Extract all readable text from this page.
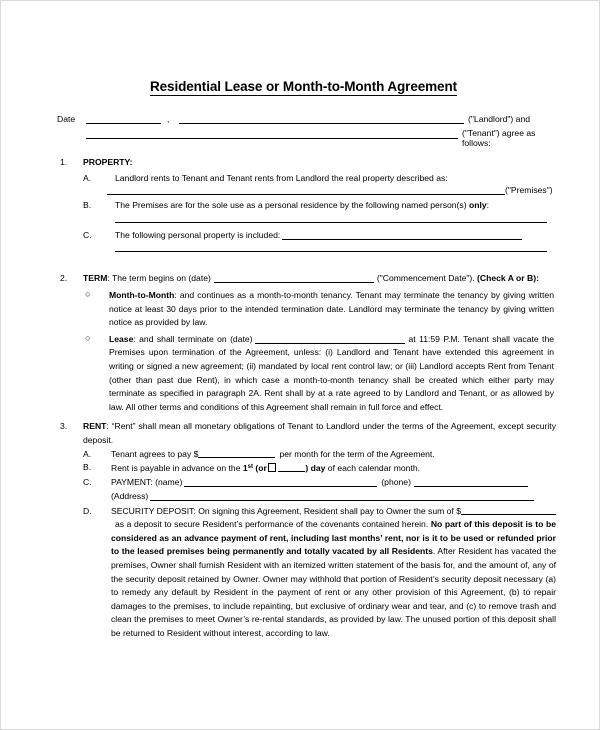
Residential Lease or Month-to-Month Agreement
Date	,	("Landlord") and
("Tenant") agree as follows:
1. PROPERTY:
A.	Landlord rents to Tenant and Tenant rents from Landlord the real property described as:
("Premises")
B.	The Premises are for the sole use as a personal residence by the following named person(s) only:
C.	The following personal property is included:
2. TERM: The term begins on (date)	("Commencement Date"). (Check A or B):
○ Month-to-Month: and continues as a month-to-month tenancy. Tenant may terminate the tenancy by giving written notice at least 30 days prior to the intended termination date. Landlord may terminate the tenancy by giving written notice as provided by law.
○ Lease: and shall terminate on (date)	at 11:59 P.M. Tenant shall vacate the Premises upon termination of the Agreement, unless: (i) Landlord and Tenant have extended this agreement in writing or signed a new agreement; (ii) mandated by local rent control law; or (iii) Landlord accepts Rent from Tenant (other than past due Rent), in which case a month-to-month tenancy shall be created which either party may terminate as specified in paragraph 2A. Rent shall by at a rate agreed to by Landlord and Tenant, or as allowed by law. All other terms and conditions of this Agreement shall remain in full force and effect.
3. RENT: “Rent” shall mean all monetary obligations of Tenant to Landlord under the terms of the Agreement, except security deposit.
A. Tenant agrees to pay $	per month for the term of the Agreement.
B. Rent is payable in advance on the 1st (or	) day of each calendar month.
C. PAYMENT: (name)	(phone)
(Address)
D. SECURITY DEPOSIT: On signing this Agreement, Resident shall pay to Owner the sum of $as a deposit to secure Resident’s performance of the covenants contained herein. No part of this deposit is to be considered as an advance payment of rent, including last months’ rent, nor is it to be used or refunded prior to the leased premises being permanently and totally vacated by all Residents. After Resident has vacated the premises, Owner shall furnish Resident with an itemized written statement of the basis for, and the amount of, any of the security deposit retained by Owner. Owner may withhold that portion of Resident’s security deposit necessary (a) to remedy any default by Resident in the payment of rent or any other provision of this Agreement, (b) to repair damages to the premises, to include repainting, but exclusive of ordinary wear and tear, and (c) to remove trash and clean the premises to meet Owner’s re-rental standards, as provided by law. The unused portion of this deposit shall be returned to Resident without interest, according to law.
